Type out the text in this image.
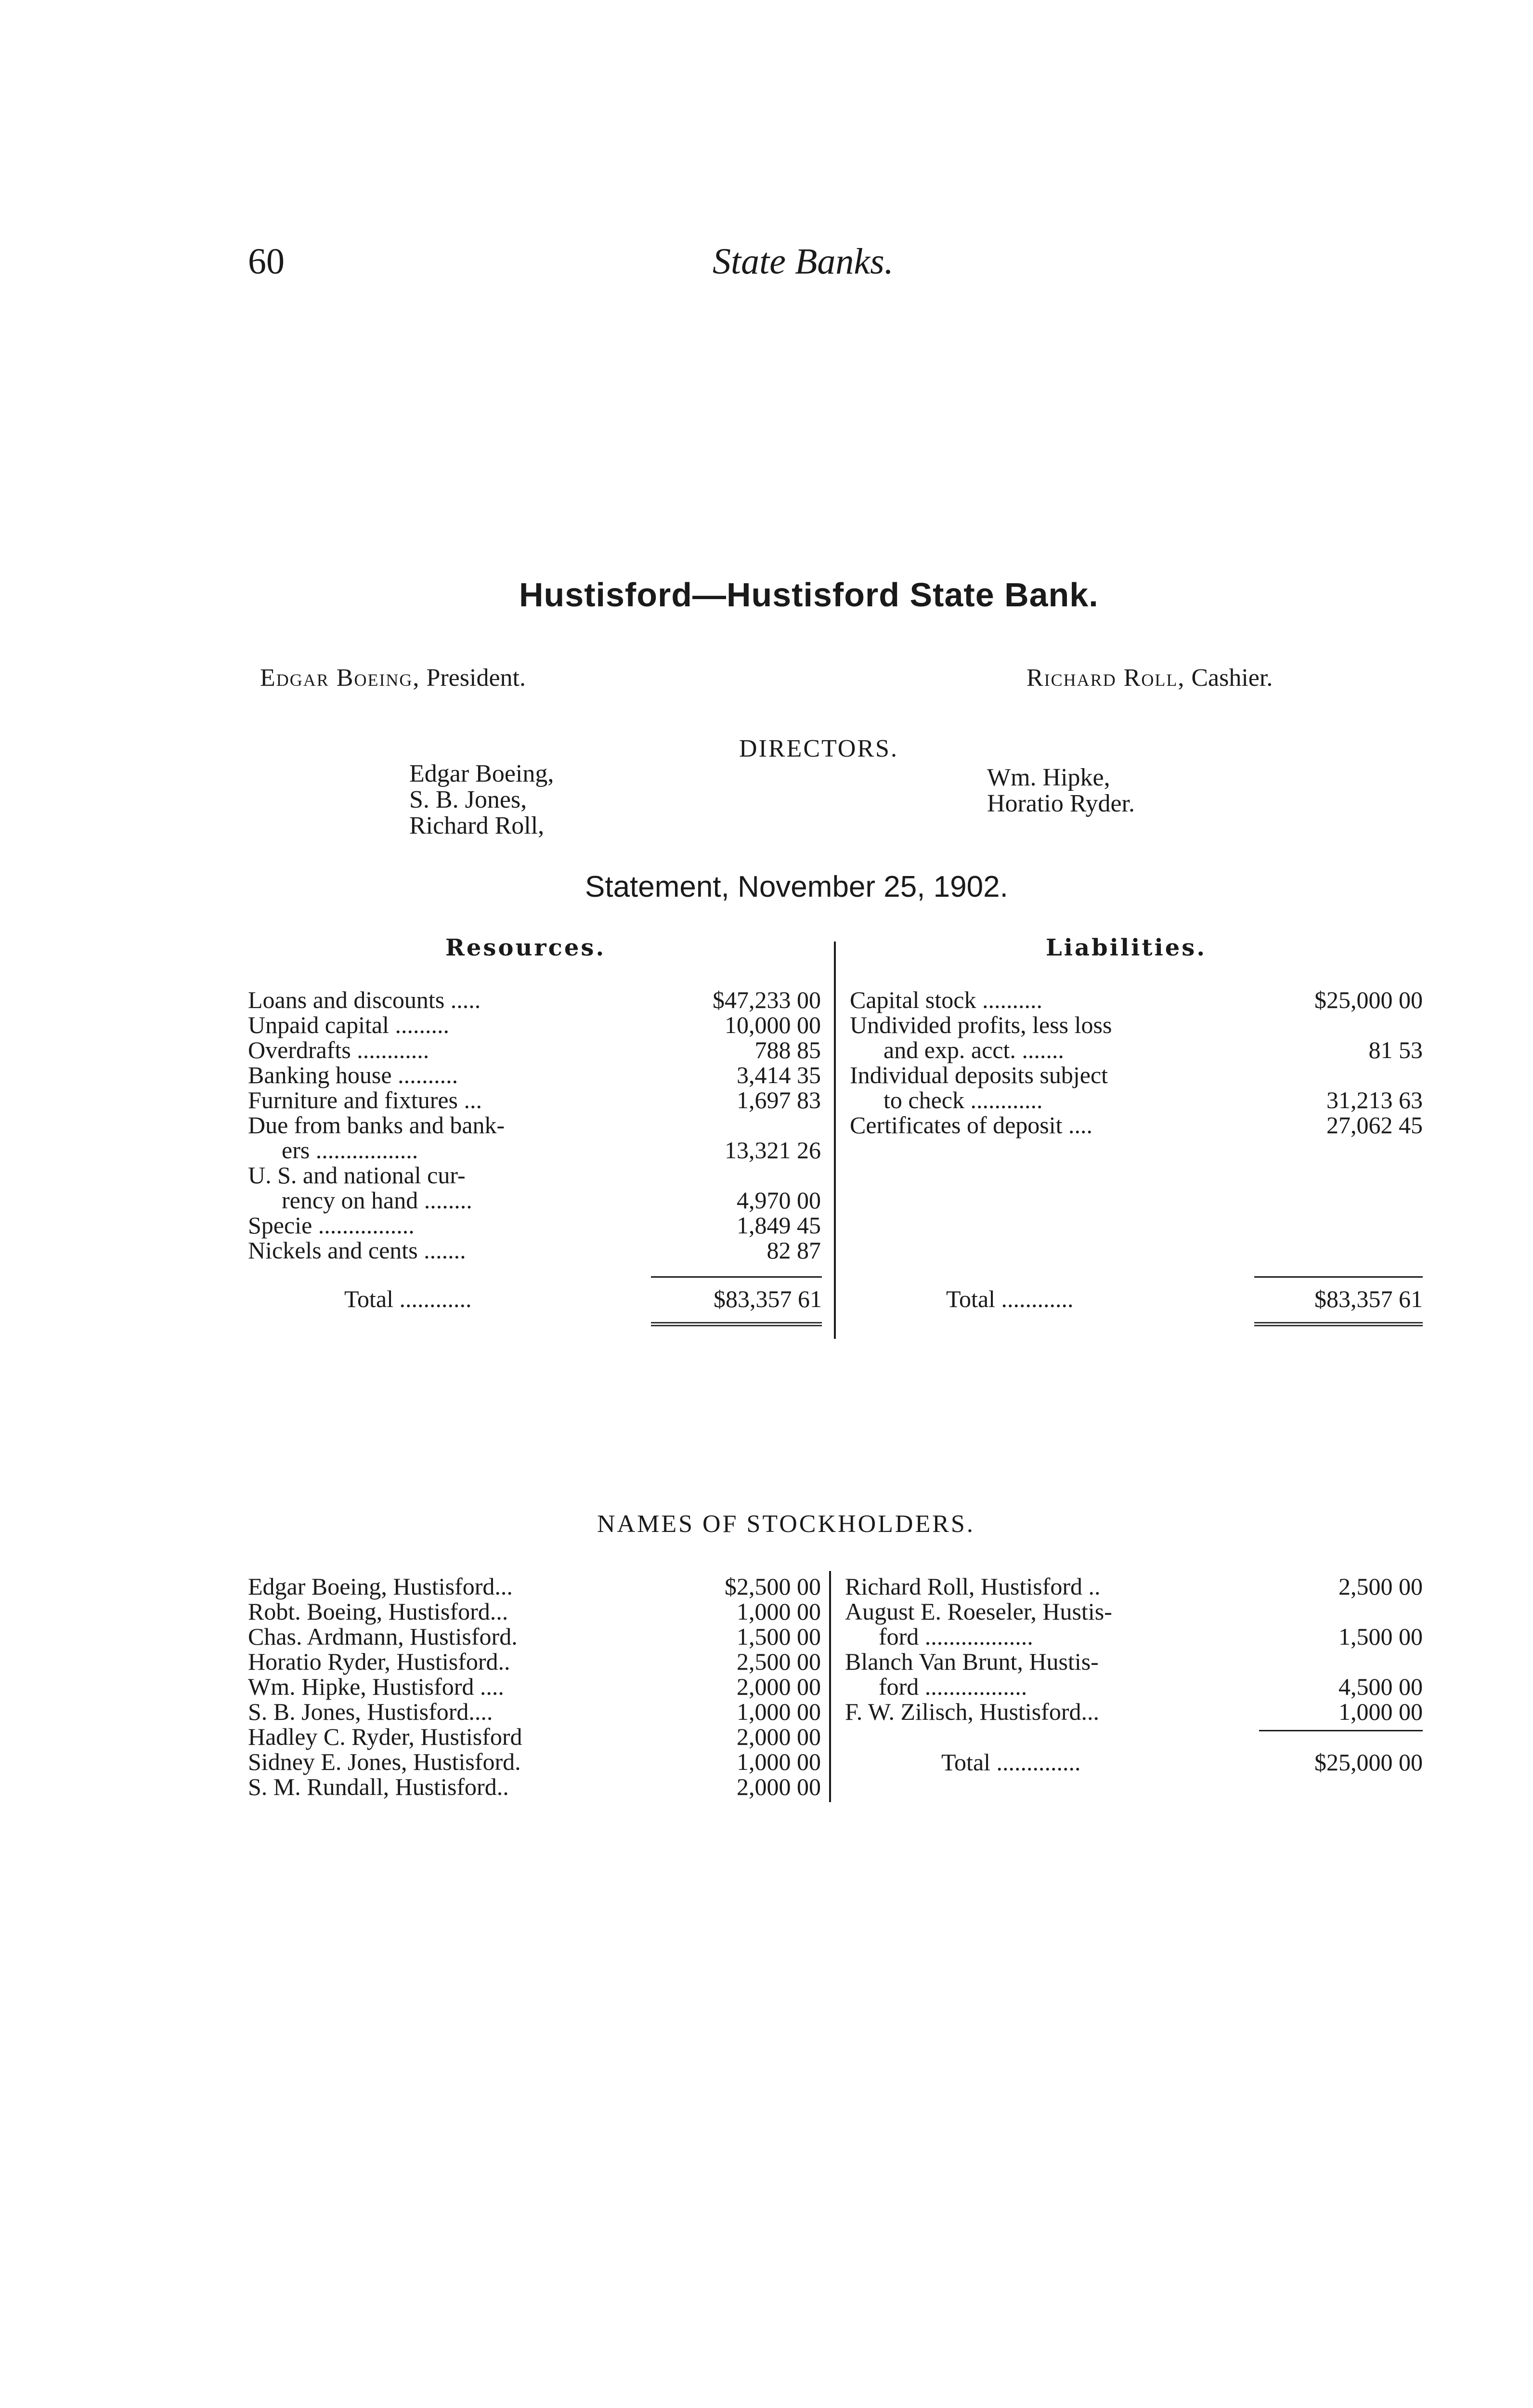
60	State Banks.
Hustisford—Hustisford State Bank.
Edgar Boeing, President.	Richard Roll, Cashier.
DIRECTORS.
Edgar Boeing,
S. B. Jones,
Richard Roll,
Wm. Hipke,
Horatio Ryder.
Statement, November 25, 1902.
Resources.	Liabilities.
Loans and discounts .....	$47,233 00
Unpaid capital .........	10,000 00
Overdrafts ............	788 85
Banking house ..........	3,414 35
Furniture and fixtures ...	1,697 83
Due from banks and bank-
ers .................	13,321 26
U. S. and national cur-
rency on hand ........	4,970 00
Specie ................	1,849 45
Nickels and cents .......	82 87
Capital stock ..........	$25,000 00
Undivided profits, less loss
and exp. acct. .......	81 53
Individual deposits subject
to check ............	31,213 63
Certificates of deposit ....	27,062 45
Total ............	$83,357 61	Total ............	$83,357 61
NAMES OF STOCKHOLDERS.
Edgar Boeing, Hustisford...	$2,500 00
Robt. Boeing, Hustisford...	1,000 00
Chas. Ardmann, Hustisford.	1,500 00
Horatio Ryder, Hustisford..	2,500 00
Wm. Hipke, Hustisford ....	2,000 00
S. B. Jones, Hustisford....	1,000 00
Hadley C. Ryder, Hustisford	2,000 00
Sidney E. Jones, Hustisford.	1,000 00
S. M. Rundall, Hustisford..	2,000 00
Richard Roll, Hustisford ..	2,500 00
August E. Roeseler, Hustis-
ford ..................	1,500 00
Blanch Van Brunt, Hustis-
ford .................	4,500 00
F. W. Zilisch, Hustisford...	1,000 00
Total ..............	$25,000 00
